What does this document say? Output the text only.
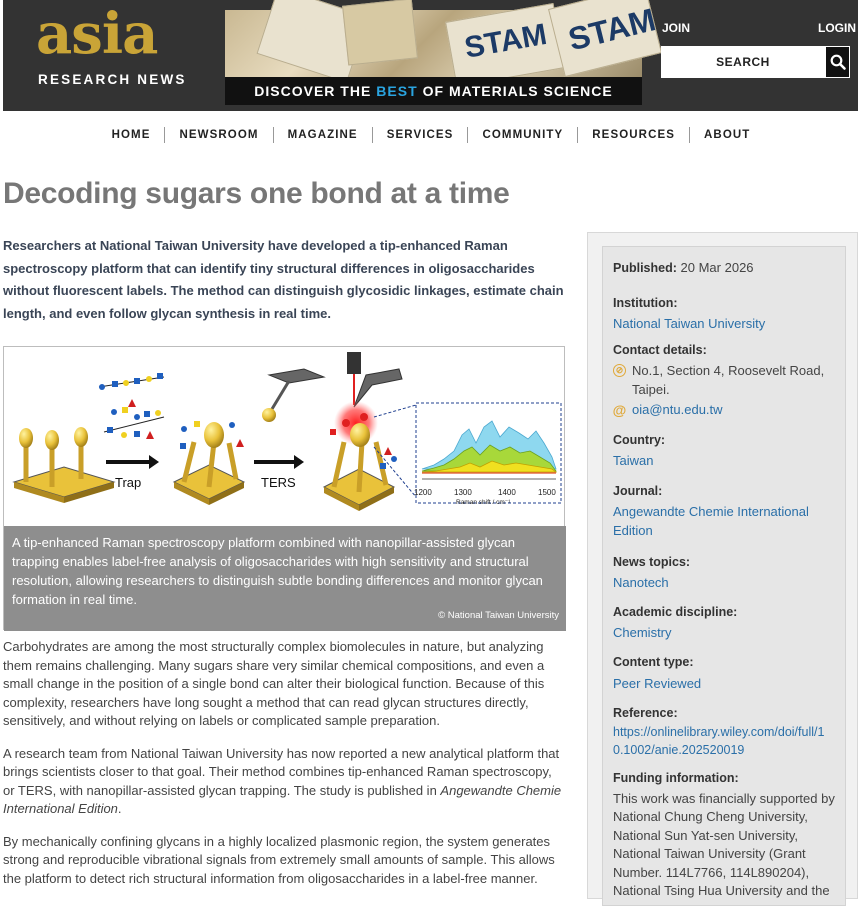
asia
RESEARCH NEWS
STAM STAM
DISCOVER THE BEST OF MATERIALS SCIENCE
JOIN	LOGIN
SEARCH
HOME	NEWSROOM	MAGAZINE	SERVICES	COMMUNITY	RESOURCES	ABOUT
Decoding sugars one bond at a time
Researchers at National Taiwan University have developed a tip-enhanced Raman spectroscopy platform that can identify tiny structural differences in oligosaccharides without fluorescent labels. The method can distinguish glycosidic linkages, estimate chain length, and even follow glycan synthesis in real time.
Trap	TERS
1200	1300	1400	1500
Raman shift / cm⁻¹
A tip-enhanced Raman spectroscopy platform combined with nanopillar-assisted glycan trapping enables label-free analysis of oligosaccharides with high sensitivity and structural resolution, allowing researchers to distinguish subtle bonding differences and monitor glycan formation in real time.
© National Taiwan University

Carbohydrates are among the most structurally complex biomolecules in nature, but analyzing them remains challenging. Many sugars share very similar chemical compositions, and even a small change in the position of a single bond can alter their biological function. Because of this complexity, researchers have long sought a method that can read glycan structures directly, sensitively, and without relying on labels or complicated sample preparation.

A research team from National Taiwan University has now reported a new analytical platform that brings scientists closer to that goal. Their method combines tip-enhanced Raman spectroscopy, or TERS, with nanopillar-assisted glycan trapping. The study is published in Angewandte Chemie International Edition.

By mechanically confining glycans in a highly localized plasmonic region, the system generates strong and reproducible vibrational signals from extremely small amounts of sample. This allows the platform to detect rich structural information from oligosaccharides in a label-free manner.

Published: 20 Mar 2026
Institution:
National Taiwan University
Contact details:
⊘ No.1, Section 4, Roosevelt Road,
Taipei.
@ oia@ntu.edu.tw
Country:
Taiwan
Journal:
Angewandte Chemie International
Edition
News topics:
Nanotech
Academic discipline:
Chemistry
Content type:
Peer Reviewed
Reference:
https://onlinelibrary.wiley.com/doi/full/1
0.1002/anie.202520019
Funding information:
This work was financially supported by
National Chung Cheng University,
National Sun Yat-sen University,
National Taiwan University (Grant
Number. 114L7766, 114L890204),
National Tsing Hua University and the
